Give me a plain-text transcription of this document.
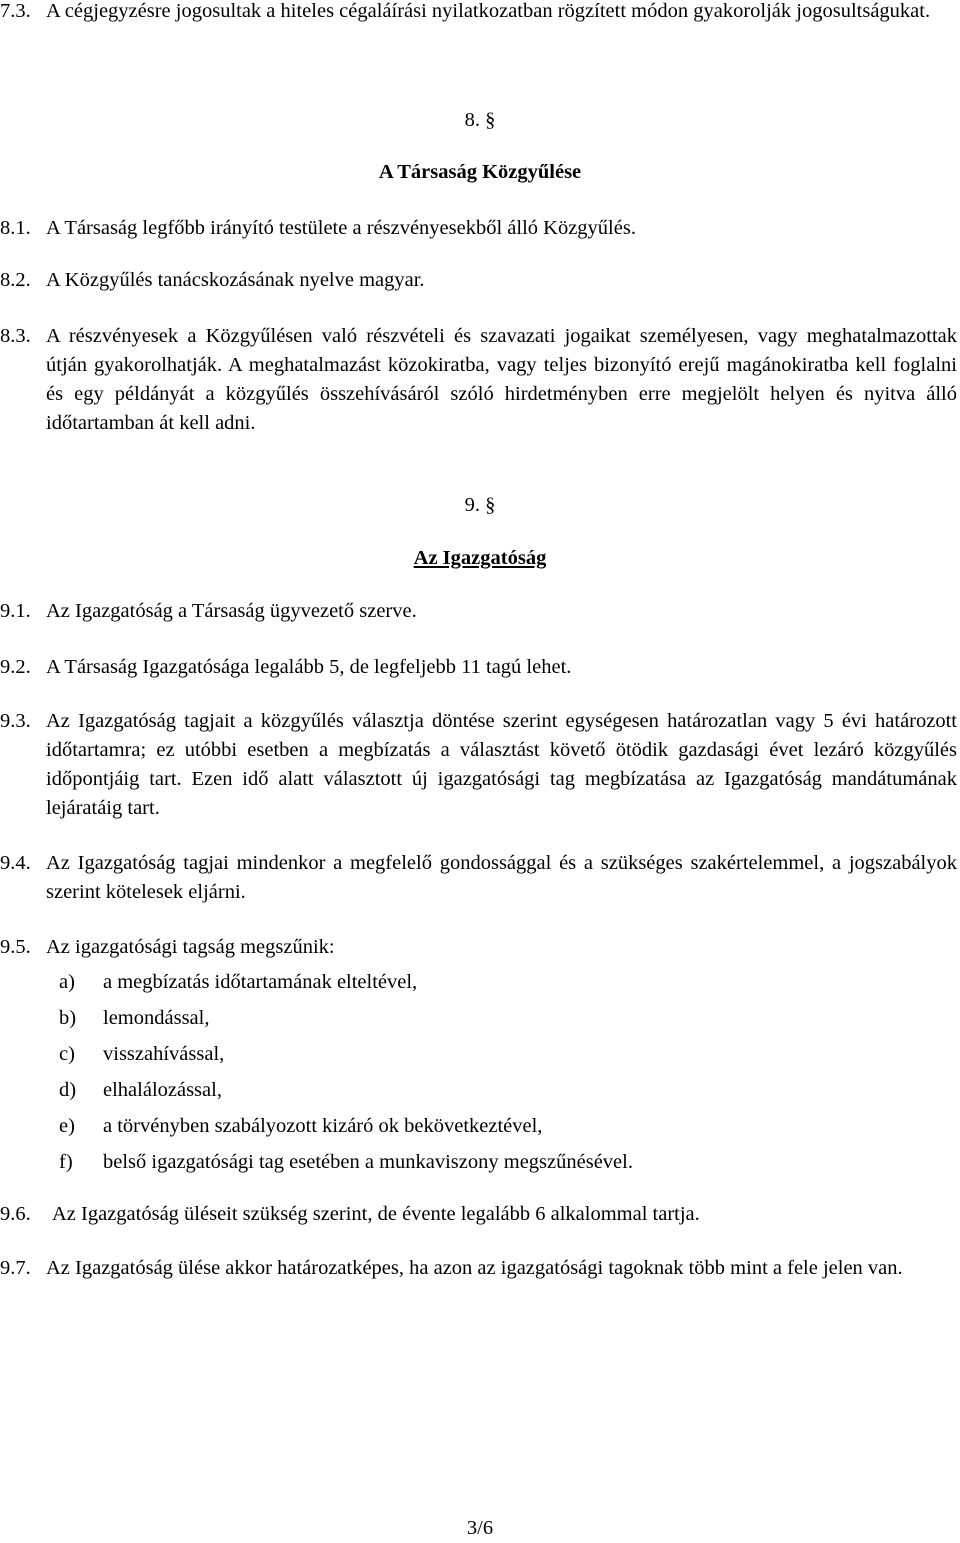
7.3. A cégjegyzésre jogosultak a hiteles cégaláírási nyilatkozatban rögzített módon gyakorolják jogosultságukat.
8. §
A Társaság Közgyűlése
8.1. A Társaság legfőbb irányító testülete a részvényesekből álló Közgyűlés.
8.2. A Közgyűlés tanácskozásának nyelve magyar.
8.3. A részvényesek a Közgyűlésen való részvételi és szavazati jogaikat személyesen, vagy meghatalmazottak útján gyakorolhatják. A meghatalmazást közokiratba, vagy teljes bizonyító erejű magánokiratba kell foglalni és egy példányát a közgyűlés összehívásáról szóló hirdetményben erre megjelölt helyen és nyitva álló időtartamban át kell adni.
9. §
Az Igazgatóság
9.1. Az Igazgatóság a Társaság ügyvezető szerve.
9.2. A Társaság Igazgatósága legalább 5, de legfeljebb 11 tagú lehet.
9.3. Az Igazgatóság tagjait a közgyűlés választja döntése szerint egységesen határozatlan vagy 5 évi határozott időtartamra; ez utóbbi esetben a megbízatás a választást követő ötödik gazdasági évet lezáró közgyűlés időpontjáig tart. Ezen idő alatt választott új igazgatósági tag megbízatása az Igazgatóság mandátumának lejáratáig tart.
9.4. Az Igazgatóság tagjai mindenkor a megfelelő gondossággal és a szükséges szakértelemmel, a jogszabályok szerint kötelesek eljárni.
9.5. Az igazgatósági tagság megszűnik:
a)	a megbízatás időtartamának elteltével,
b)	lemondással,
c)	visszahívással,
d)	elhalálozással,
e)	a törvényben szabályozott kizáró ok bekövetkeztével,
f)	belső igazgatósági tag esetében a munkaviszony megszűnésével.
9.6.	Az Igazgatóság üléseit szükség szerint, de évente legalább 6 alkalommal tartja.
9.7. Az Igazgatóság ülése akkor határozatképes, ha azon az igazgatósági tagoknak több mint a fele jelen van.
3/6
